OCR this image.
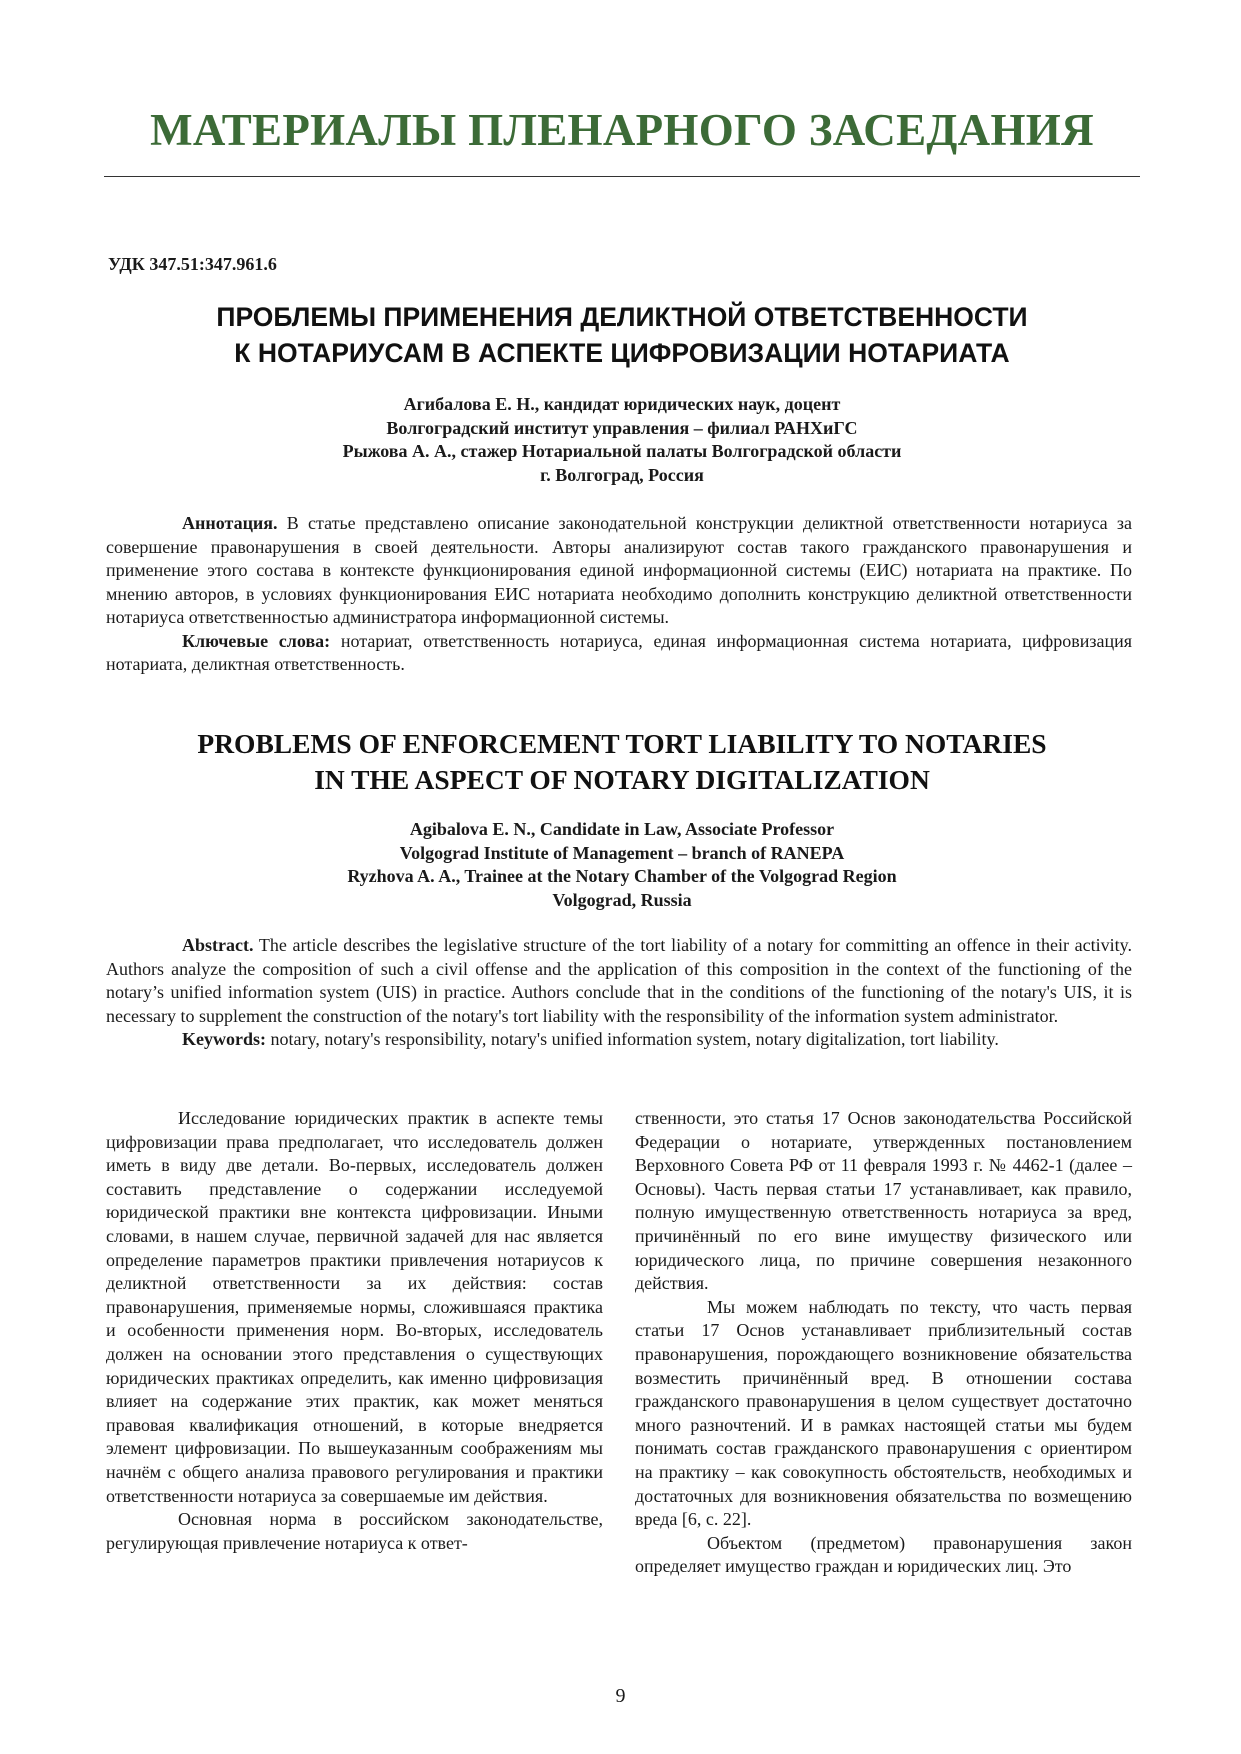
МАТЕРИАЛЫ ПЛЕНАРНОГО ЗАСЕДАНИЯ
УДК 347.51:347.961.6
ПРОБЛЕМЫ ПРИМЕНЕНИЯ ДЕЛИКТНОЙ ОТВЕТСТВЕННОСТИ
К НОТАРИУСАМ В АСПЕКТЕ ЦИФРОВИЗАЦИИ НОТАРИАТА
Агибалова Е. Н., кандидат юридических наук, доцент
Волгоградский институт управления – филиал РАНХиГС
Рыжова А. А., стажер Нотариальной палаты Волгоградской области
г. Волгоград, Россия

Аннотация. В статье представлено описание законодательной конструкции деликтной ответственности нотариуса за совершение правонарушения в своей деятельности. Авторы анализируют состав такого гражданского правонарушения и применение этого состава в контексте функционирования единой информационной системы (ЕИС) нотариата на практике. По мнению авторов, в условиях функционирования ЕИС нотариата необходимо дополнить конструкцию деликтной ответственности нотариуса ответственностью администратора информационной системы.

Ключевые слова: нотариат, ответственность нотариуса, единая информационная система нотариата, цифровизация нотариата, деликтная ответственность.

PROBLEMS OF ENFORCEMENT TORT LIABILITY TO NOTARIES
IN THE ASPECT OF NOTARY DIGITALIZATION
Agibalova E. N., Candidate in Law, Associate Professor
Volgograd Institute of Management – branch of RANEPA
Ryzhova A. A., Trainee at the Notary Chamber of the Volgograd Region
Volgograd, Russia

Abstract. The article describes the legislative structure of the tort liability of a notary for committing an offence in their activity. Authors analyze the composition of such a civil offense and the application of this composition in the context of the functioning of the notary’s unified information system (UIS) in practice. Authors conclude that in the conditions of the functioning of the notary's UIS, it is necessary to supplement the construction of the notary's tort liability with the responsibility of the information system administrator.

Keywords: notary, notary's responsibility, notary's unified information system, notary digitalization, tort liability.

Исследование юридических практик в аспекте темы цифровизации права предполагает, что исследователь должен иметь в виду две детали. Во-первых, исследователь должен составить представление о содержании исследуемой юридической практики вне контекста цифровизации. Иными словами, в нашем случае, первичной задачей для нас является определение параметров практики привлечения нотариусов к деликтной ответственности за их действия: состав правонарушения, применяемые нормы, сложившаяся практика и особенности применения норм. Во-вторых, исследователь должен на основании этого представления о существующих юридических практиках определить, как именно цифровизация влияет на содержание этих практик, как может меняться правовая квалификация отношений, в которые внедряется элемент цифровизации. По вышеуказанным соображениям мы начнём с общего анализа правового регулирования и практики ответственности нотариуса за совершаемые им действия.

Основная норма в российском законодательстве, регулирующая привлечение нотариуса к ответ-

ственности, это статья 17 Основ законодательства Российской Федерации о нотариате, утвержденных постановлением Верховного Совета РФ от 11 февраля 1993 г. № 4462-1 (далее – Основы). Часть первая статьи 17 устанавливает, как правило, полную имущественную ответственность нотариуса за вред, причинённый по его вине имуществу физического или юридического лица, по причине совершения незаконного действия.

Мы можем наблюдать по тексту, что часть первая статьи 17 Основ устанавливает приблизительный состав правонарушения, порождающего возникновение обязательства возместить причинённый вред. В отношении состава гражданского правонарушения в целом существует достаточно много разночтений. И в рамках настоящей статьи мы будем понимать состав гражданского правонарушения с ориентиром на практику – как совокупность обстоятельств, необходимых и достаточных для возникновения обязательства по возмещению вреда [6, с. 22].

Объектом (предметом) правонарушения закон определяет имущество граждан и юридических лиц. Это

9
